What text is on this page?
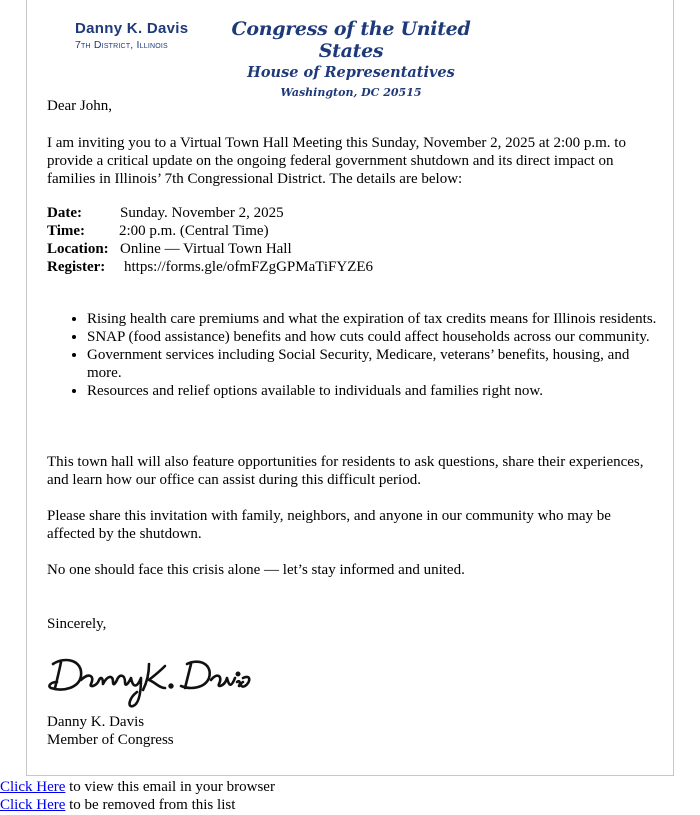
Danny K. Davis
7th District, Illinois
Congress of the United States
House of Representatives
Washington, DC 20515

Dear John,

I am inviting you to a Virtual Town Hall Meeting this Sunday, November 2, 2025 at 2:00 p.m. to provide a critical update on the ongoing federal government shutdown and its direct impact on families in Illinois’ 7th Congressional District. The details are below:

Date:	Sunday. November 2, 2025
Time: 2:00 p.m. (Central Time)
Location: Online — Virtual Town Hall
Register: https://forms.gle/ofmFZgGPMaTiFYZE6
• Rising health care premiums and what the expiration of tax credits means for Illinois residents.
• SNAP (food assistance) benefits and how cuts could affect households across our community.
• Government services including Social Security, Medicare, veterans’ benefits, housing, and more.
• Resources and relief options available to individuals and families right now.

This town hall will also feature opportunities for residents to ask questions, share their experiences, and learn how our office can assist during this difficult period.

Please share this invitation with family, neighbors, and anyone in our community who may be affected by the shutdown.

No one should face this crisis alone — let’s stay informed and united.

Sincerely,

Danny K. Davis

Member of Congress

Click Here to view this email in your browser
Click Here to be removed from this list
